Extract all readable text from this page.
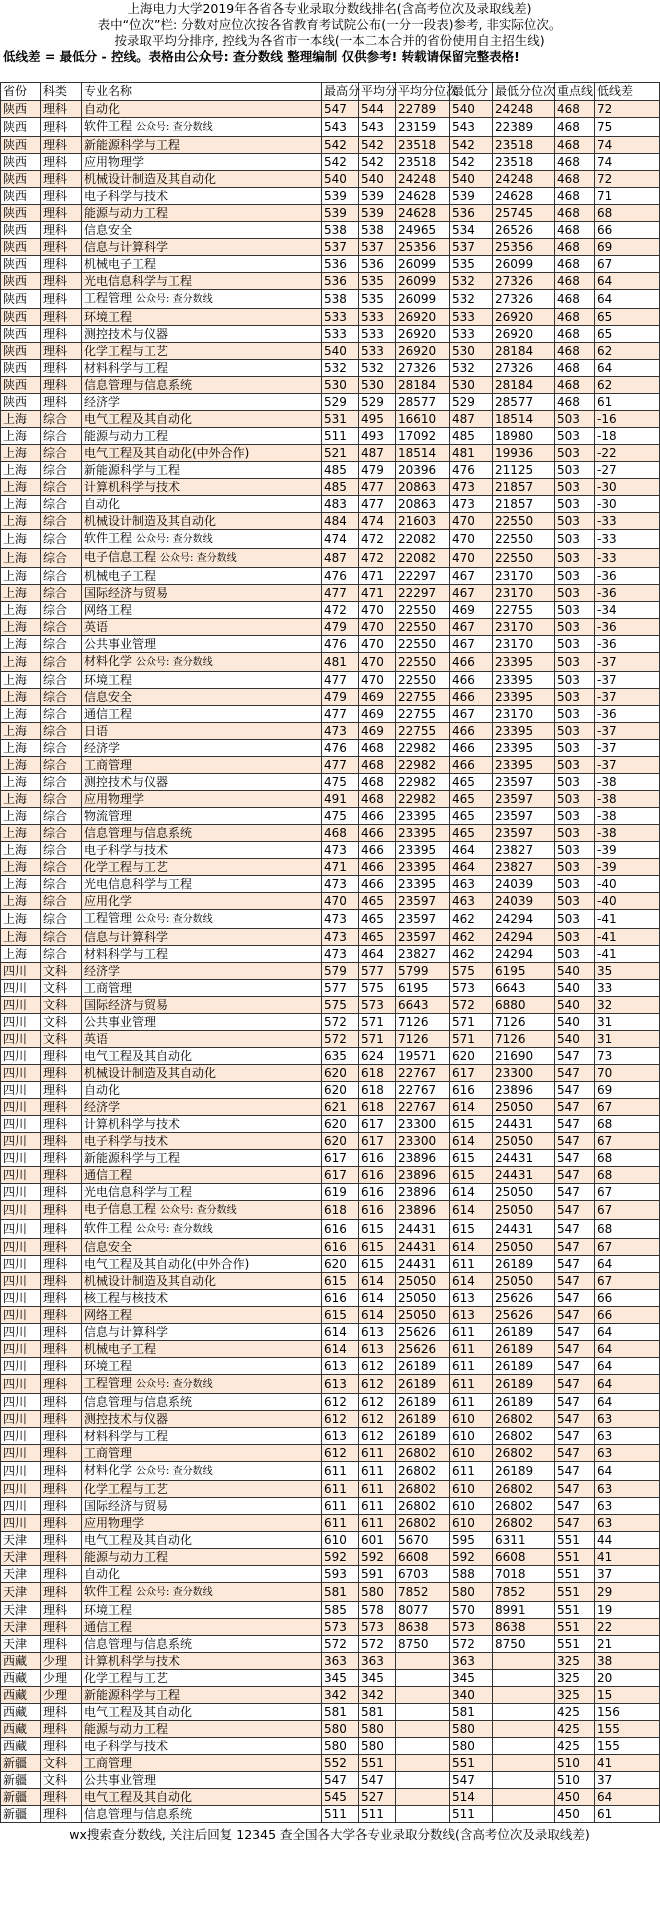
上海电力大学2019年各省各专业录取分数线排名(含高考位次及录取线差)
表中“位次”栏: 分数对应位次按各省教育考试院公布(一分一段表)参考, 非实际位次。
按录取平均分排序, 控线为各省市一本线(一本二本合并的省份使用自主招生线)
低线差 = 最低分 - 控线。表格由公众号: 查分数线 整理编制 仅供参考! 转载请保留完整表格!
省份	科类	专业名称	最高分	平均分	平均分位次	最低分	最低分位次	重点线	低线差
陕西	理科	自动化	547	544	22789	540	24248	468	72
陕西	理科	软件工程 公众号: 查分数线	543	543	23159	543	22389	468	75
陕西	理科	新能源科学与工程	542	542	23518	542	23518	468	74
陕西	理科	应用物理学	542	542	23518	542	23518	468	74
陕西	理科	机械设计制造及其自动化	540	540	24248	540	24248	468	72
陕西	理科	电子科学与技术	539	539	24628	539	24628	468	71
陕西	理科	能源与动力工程	539	539	24628	536	25745	468	68
陕西	理科	信息安全	538	538	24965	534	26526	468	66
陕西	理科	信息与计算科学	537	537	25356	537	25356	468	69
陕西	理科	机械电子工程	536	536	26099	535	26099	468	67
陕西	理科	光电信息科学与工程	536	535	26099	532	27326	468	64
陕西	理科	工程管理 公众号: 查分数线	538	535	26099	532	27326	468	64
陕西	理科	环境工程	533	533	26920	533	26920	468	65
陕西	理科	测控技术与仪器	533	533	26920	533	26920	468	65
陕西	理科	化学工程与工艺	540	533	26920	530	28184	468	62
陕西	理科	材料科学与工程	532	532	27326	532	27326	468	64
陕西	理科	信息管理与信息系统	530	530	28184	530	28184	468	62
陕西	理科	经济学	529	529	28577	529	28577	468	61
上海	综合	电气工程及其自动化	531	495	16610	487	18514	503	-16
上海	综合	能源与动力工程	511	493	17092	485	18980	503	-18
上海	综合	电气工程及其自动化(中外合作)	521	487	18514	481	19936	503	-22
上海	综合	新能源科学与工程	485	479	20396	476	21125	503	-27
上海	综合	计算机科学与技术	485	477	20863	473	21857	503	-30
上海	综合	自动化	483	477	20863	473	21857	503	-30
上海	综合	机械设计制造及其自动化	484	474	21603	470	22550	503	-33
上海	综合	软件工程 公众号: 查分数线	474	472	22082	470	22550	503	-33
上海	综合	电子信息工程 公众号: 查分数线	487	472	22082	470	22550	503	-33
上海	综合	机械电子工程	476	471	22297	467	23170	503	-36
上海	综合	国际经济与贸易	477	471	22297	467	23170	503	-36
上海	综合	网络工程	472	470	22550	469	22755	503	-34
上海	综合	英语	479	470	22550	467	23170	503	-36
上海	综合	公共事业管理	476	470	22550	467	23170	503	-36
上海	综合	材料化学 公众号: 查分数线	481	470	22550	466	23395	503	-37
上海	综合	环境工程	477	470	22550	466	23395	503	-37
上海	综合	信息安全	479	469	22755	466	23395	503	-37
上海	综合	通信工程	477	469	22755	467	23170	503	-36
上海	综合	日语	473	469	22755	466	23395	503	-37
上海	综合	经济学	476	468	22982	466	23395	503	-37
上海	综合	工商管理	477	468	22982	466	23395	503	-37
上海	综合	测控技术与仪器	475	468	22982	465	23597	503	-38
上海	综合	应用物理学	491	468	22982	465	23597	503	-38
上海	综合	物流管理	475	466	23395	465	23597	503	-38
上海	综合	信息管理与信息系统	468	466	23395	465	23597	503	-38
上海	综合	电子科学与技术	473	466	23395	464	23827	503	-39
上海	综合	化学工程与工艺	471	466	23395	464	23827	503	-39
上海	综合	光电信息科学与工程	473	466	23395	463	24039	503	-40
上海	综合	应用化学	470	465	23597	463	24039	503	-40
上海	综合	工程管理 公众号: 查分数线	473	465	23597	462	24294	503	-41
上海	综合	信息与计算科学	473	465	23597	462	24294	503	-41
上海	综合	材料科学与工程	473	464	23827	462	24294	503	-41
四川	文科	经济学	579	577	5799	575	6195	540	35
四川	文科	工商管理	577	575	6195	573	6643	540	33
四川	文科	国际经济与贸易	575	573	6643	572	6880	540	32
四川	文科	公共事业管理	572	571	7126	571	7126	540	31
四川	文科	英语	572	571	7126	571	7126	540	31
四川	理科	电气工程及其自动化	635	624	19571	620	21690	547	73
四川	理科	机械设计制造及其自动化	620	618	22767	617	23300	547	70
四川	理科	自动化	620	618	22767	616	23896	547	69
四川	理科	经济学	621	618	22767	614	25050	547	67
四川	理科	计算机科学与技术	620	617	23300	615	24431	547	68
四川	理科	电子科学与技术	620	617	23300	614	25050	547	67
四川	理科	新能源科学与工程	617	616	23896	615	24431	547	68
四川	理科	通信工程	617	616	23896	615	24431	547	68
四川	理科	光电信息科学与工程	619	616	23896	614	25050	547	67
四川	理科	电子信息工程 公众号: 查分数线	618	616	23896	614	25050	547	67
四川	理科	软件工程 公众号: 查分数线	616	615	24431	615	24431	547	68
四川	理科	信息安全	616	615	24431	614	25050	547	67
四川	理科	电气工程及其自动化(中外合作)	620	615	24431	611	26189	547	64
四川	理科	机械设计制造及其自动化	615	614	25050	614	25050	547	67
四川	理科	核工程与核技术	616	614	25050	613	25626	547	66
四川	理科	网络工程	615	614	25050	613	25626	547	66
四川	理科	信息与计算科学	614	613	25626	611	26189	547	64
四川	理科	机械电子工程	614	613	25626	611	26189	547	64
四川	理科	环境工程	613	612	26189	611	26189	547	64
四川	理科	工程管理 公众号: 查分数线	613	612	26189	611	26189	547	64
四川	理科	信息管理与信息系统	612	612	26189	611	26189	547	64
四川	理科	测控技术与仪器	612	612	26189	610	26802	547	63
四川	理科	材料科学与工程	613	612	26189	610	26802	547	63
四川	理科	工商管理	612	611	26802	610	26802	547	63
四川	理科	材料化学 公众号: 查分数线	611	611	26802	611	26189	547	64
四川	理科	化学工程与工艺	611	611	26802	610	26802	547	63
四川	理科	国际经济与贸易	611	611	26802	610	26802	547	63
四川	理科	应用物理学	611	611	26802	610	26802	547	63
天津	理科	电气工程及其自动化	610	601	5670	595	6311	551	44
天津	理科	能源与动力工程	592	592	6608	592	6608	551	41
天津	理科	自动化	593	591	6703	588	7018	551	37
天津	理科	软件工程 公众号: 查分数线	581	580	7852	580	7852	551	29
天津	理科	环境工程	585	578	8077	570	8991	551	19
天津	理科	通信工程	573	573	8638	573	8638	551	22
天津	理科	信息管理与信息系统	572	572	8750	572	8750	551	21
西藏	少理	计算机科学与技术	363	363		363		325	38
西藏	少理	化学工程与工艺	345	345		345		325	20
西藏	少理	新能源科学与工程	342	342		340		325	15
西藏	理科	电气工程及其自动化	581	581		581		425	156
西藏	理科	能源与动力工程	580	580		580		425	155
西藏	理科	电子科学与技术	580	580		580		425	155
新疆	文科	工商管理	552	551		551		510	41
新疆	文科	公共事业管理	547	547		547		510	37
新疆	理科	电气工程及其自动化	545	527		514		450	64
新疆	理科	信息管理与信息系统	511	511		511		450	61
wx搜索查分数线, 关注后回复 12345 查全国各大学各专业录取分数线(含高考位次及录取线差)
